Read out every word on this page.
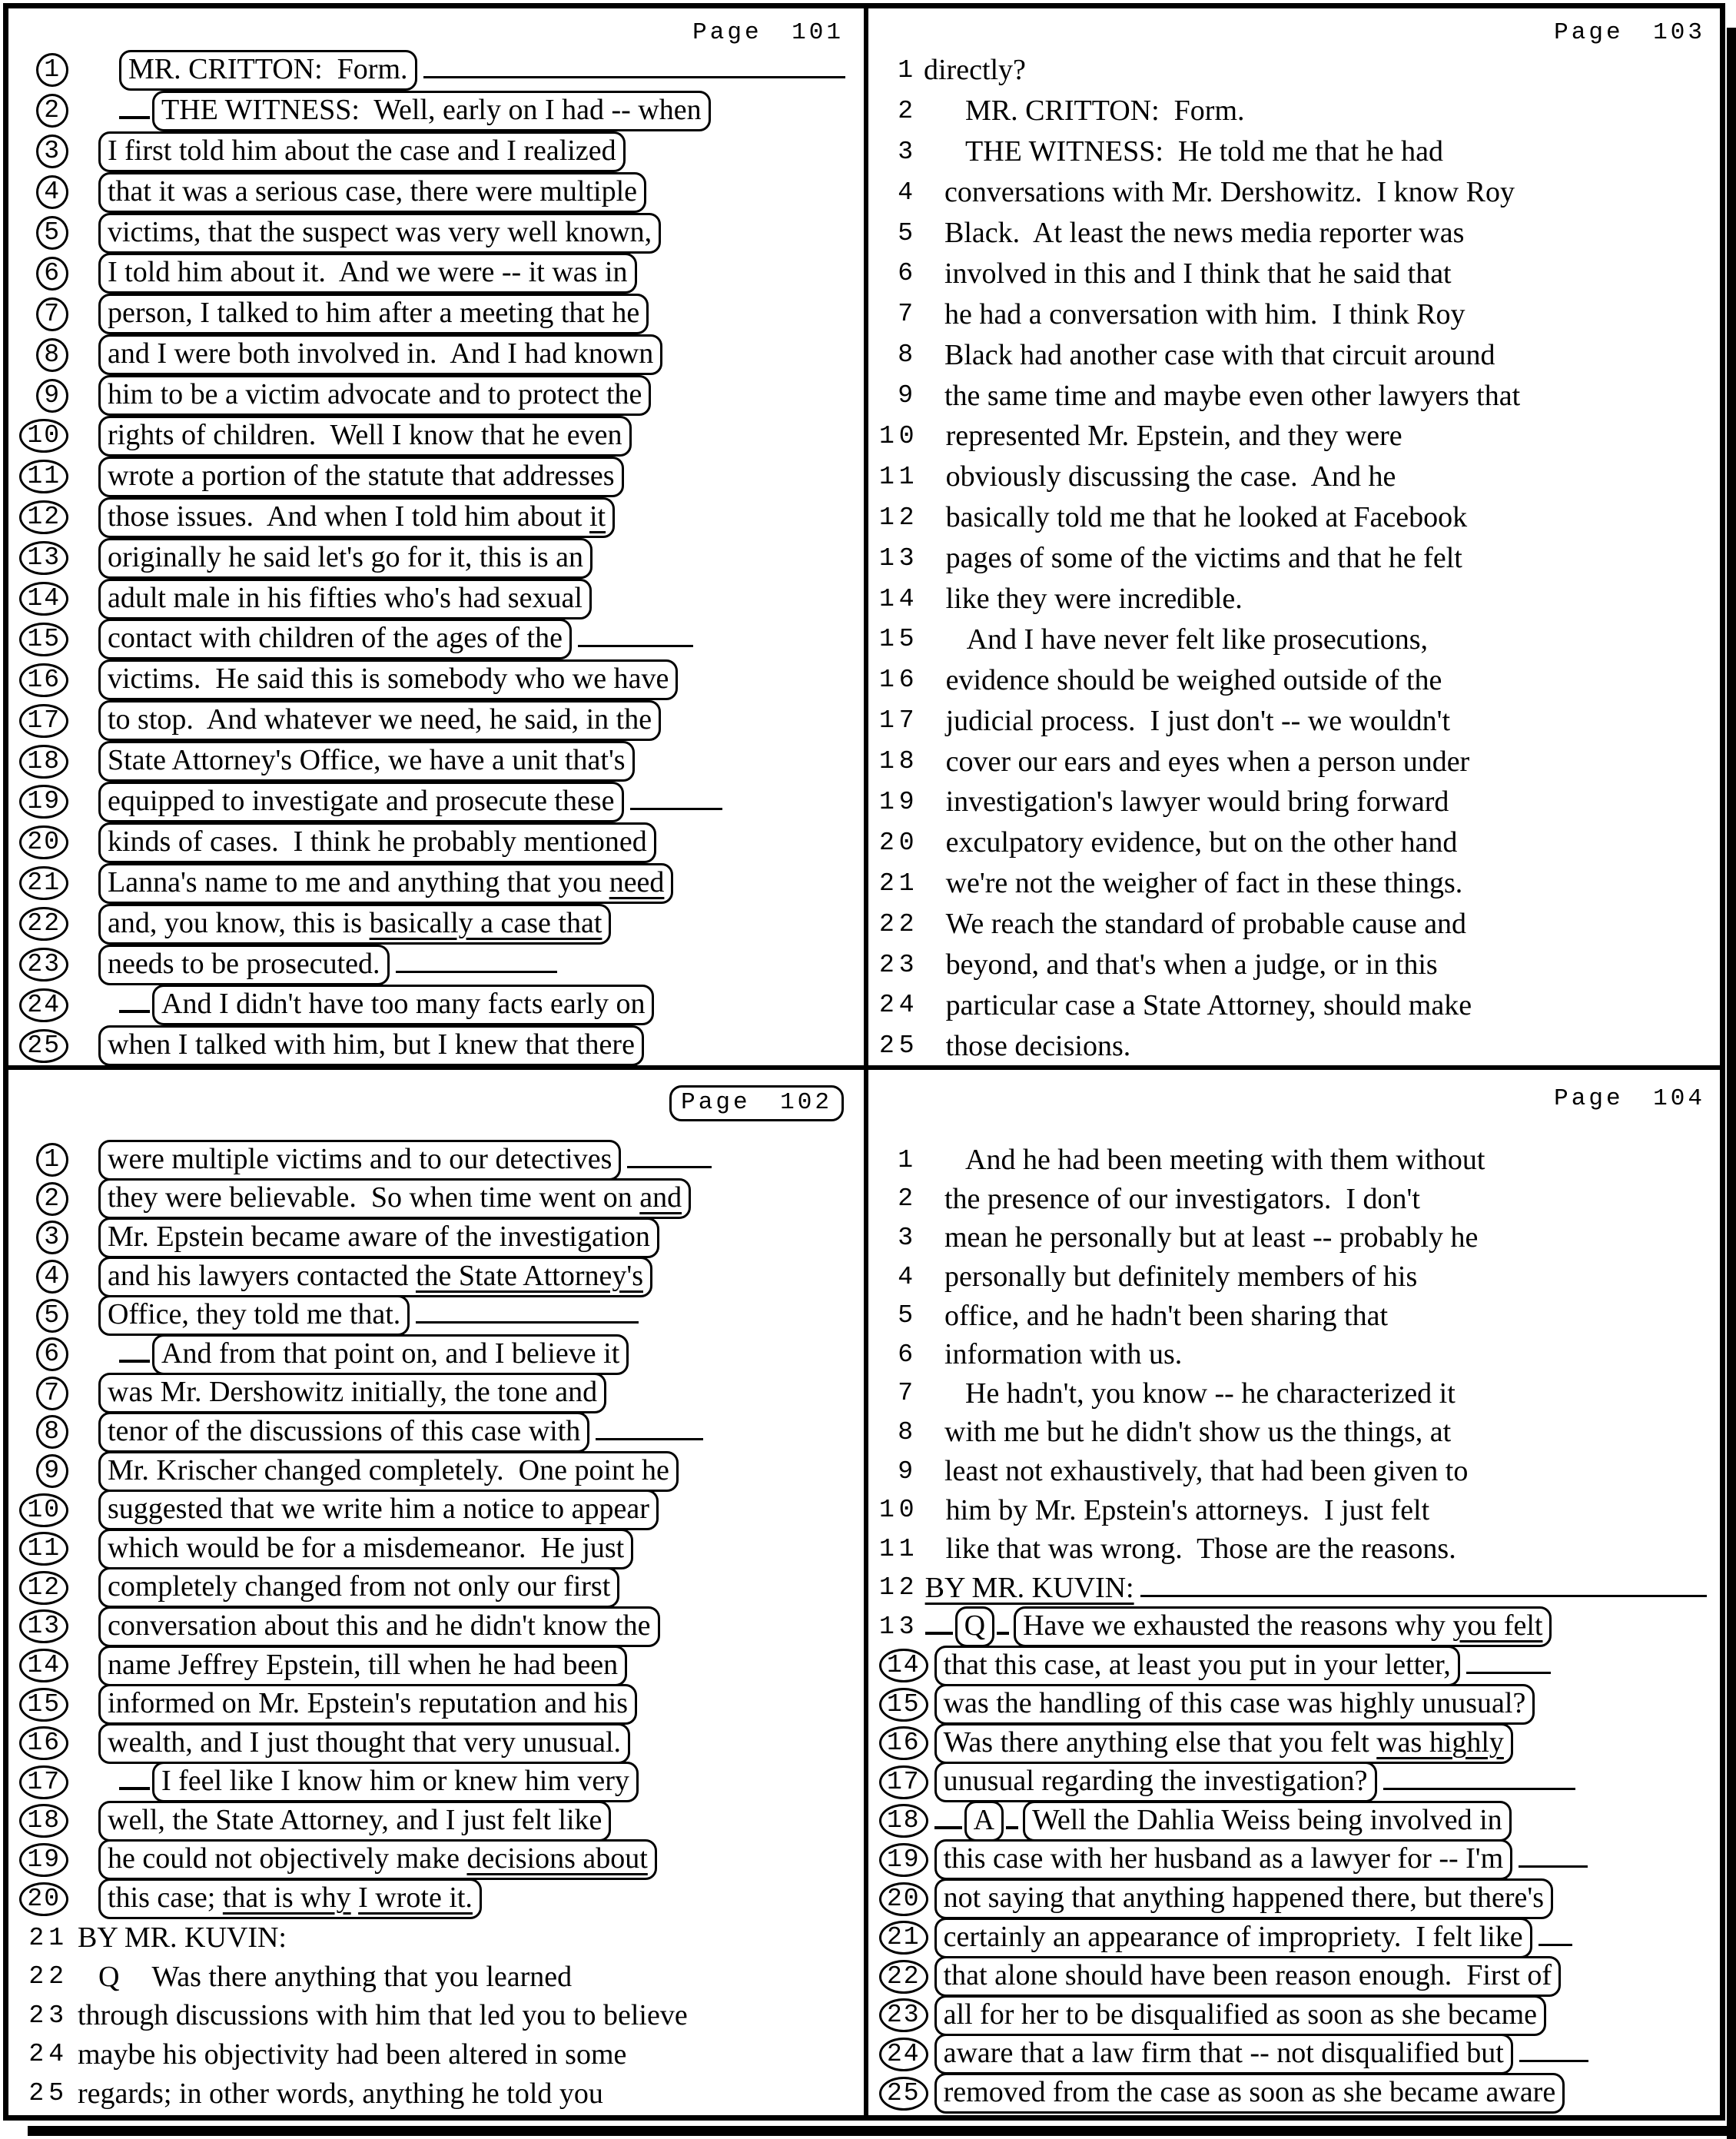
Page 101
1	MR. CRITTON:  Form.
2	THE WITNESS:  Well, early on I had -- when
3	I first told him about the case and I realized
4	that it was a serious case, there were multiple
5	victims, that the suspect was very well known,
6	I told him about it.  And we were -- it was in
7	person, I talked to him after a meeting that he
8	and I were both involved in.  And I had known
9	him to be a victim advocate and to protect the
10	rights of children.  Well I know that he even
11	wrote a portion of the statute that addresses
12	those issues.  And when I told him about it
13	originally he said let's go for it, this is an
14	adult male in his fifties who's had sexual
15	contact with children of the ages of the
16	victims.  He said this is somebody who we have
17	to stop.  And whatever we need, he said, in the
18	State Attorney's Office, we have a unit that's
19	equipped to investigate and prosecute these
20	kinds of cases.  I think he probably mentioned
21	Lanna's name to me and anything that you need
22	and, you know, this is basically a case that
23	needs to be prosecuted.
24	And I didn't have too many facts early on
25	when I talked with him, but I knew that there
Page 103
1 directly?
2 MR. CRITTON:  Form.
3 THE WITNESS:  He told me that he had
4 conversations with Mr. Dershowitz.  I know Roy
5 Black.  At least the news media reporter was
6 involved in this and I think that he said that
7 he had a conversation with him.  I think Roy
8 Black had another case with that circuit around
9 the same time and maybe even other lawyers that
10 represented Mr. Epstein, and they were
11 obviously discussing the case.  And he
12 basically told me that he looked at Facebook
13 pages of some of the victims and that he felt
14 like they were incredible.
15 And I have never felt like prosecutions,
16 evidence should be weighed outside of the
17 judicial process.  I just don't -- we wouldn't
18 cover our ears and eyes when a person under
19 investigation's lawyer would bring forward
20 exculpatory evidence, but on the other hand
21 we're not the weigher of fact in these things.
22 We reach the standard of probable cause and
23 beyond, and that's when a judge, or in this
24 particular case a State Attorney, should make
25 those decisions.
Page 102
1	were multiple victims and to our detectives
2	they were believable.  So when time went on and
3	Mr. Epstein became aware of the investigation
4	and his lawyers contacted the State Attorney's
5	Office, they told me that.
6	And from that point on, and I believe it
7	was Mr. Dershowitz initially, the tone and
8	tenor of the discussions of this case with
9	Mr. Krischer changed completely.  One point he
10	suggested that we write him a notice to appear
11	which would be for a misdemeanor.  He just
12	completely changed from not only our first
13	conversation about this and he didn't know the
14	name Jeffrey Epstein, till when he had been
15	informed on Mr. Epstein's reputation and his
16	wealth, and I just thought that very unusual.
17	I feel like I know him or knew him very
18	well, the State Attorney, and I just felt like
19	he could not objectively make decisions about
20	this case; that is why I wrote it.
21 BY MR. KUVIN:
22 Q Was there anything that you learned
23 through discussions with him that led you to believe
24 maybe his objectivity had been altered in some
25 regards; in other words, anything he told you
Page 104
1 And he had been meeting with them without
2 the presence of our investigators.  I don't
3 mean he personally but at least -- probably he
4 personally but definitely members of his
5 office, and he hadn't been sharing that
6 information with us.
7 He hadn't, you know -- he characterized it
8 with me but he didn't show us the things, at
9 least not exhaustively, that had been given to
10 him by Mr. Epstein's attorneys.  I just felt
11 like that was wrong.  Those are the reasons.
12 BY MR. KUVIN:
13	Q	Have we exhausted the reasons why you felt
14 that this case, at least you put in your letter,
15 was the handling of this case was highly unusual?
16 Was there anything else that you felt was highly
17 unusual regarding the investigation?
18	A	Well the Dahlia Weiss being involved in
19 this case with her husband as a lawyer for -- I'm
20 not saying that anything happened there, but there's
21 certainly an appearance of impropriety.  I felt like
22 that alone should have been reason enough.  First of
23 all for her to be disqualified as soon as she became
24 aware that a law firm that -- not disqualified but
25 removed from the case as soon as she became aware
